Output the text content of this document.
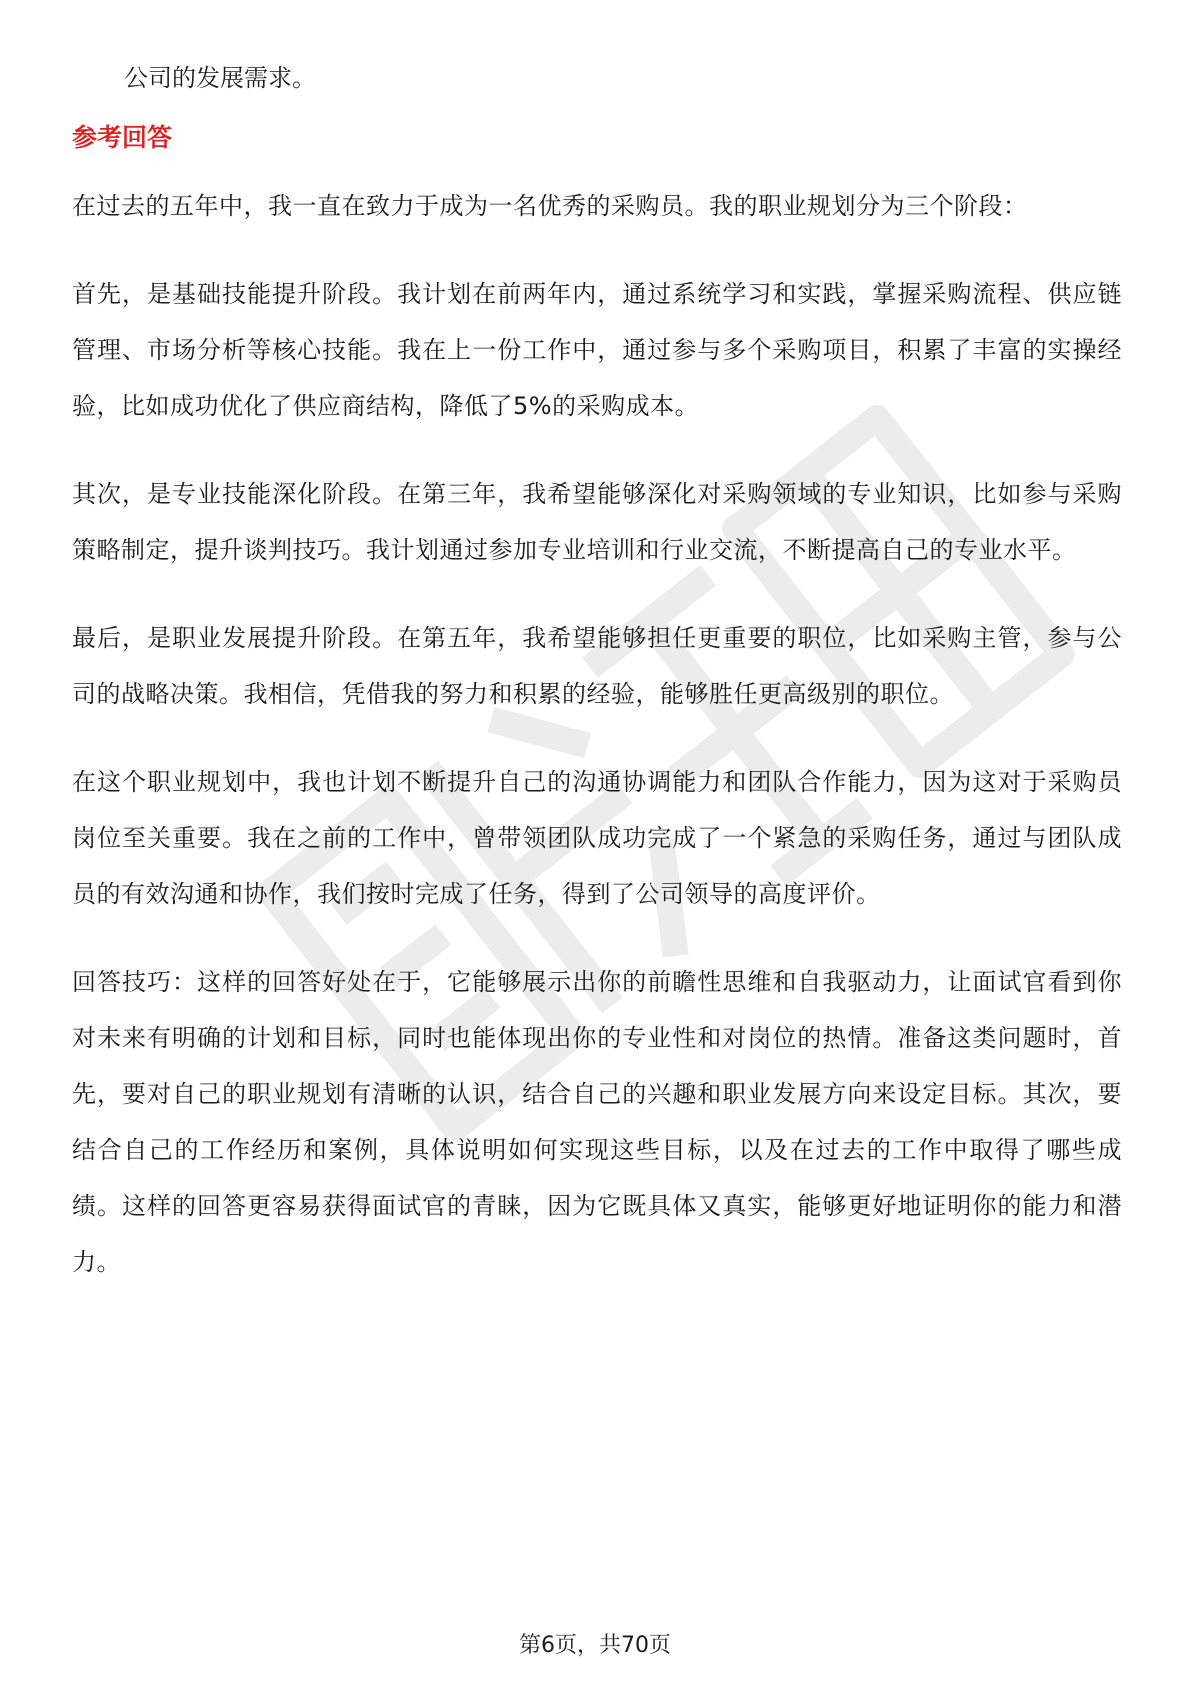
公司的发展需求。

参考回答

在过去的五年中，我一直在致力于成为一名优秀的采购员。我的职业规划分为三个阶段：

首先，是基础技能提升阶段。我计划在前两年内，通过系统学习和实践，掌握采购流程、供应链管理、市场分析等核心技能。我在上一份工作中，通过参与多个采购项目，积累了丰富的实操经验，比如成功优化了供应商结构，降低了5%的采购成本。

其次，是专业技能深化阶段。在第三年，我希望能够深化对采购领域的专业知识，比如参与采购策略制定，提升谈判技巧。我计划通过参加专业培训和行业交流，不断提高自己的专业水平。

最后，是职业发展提升阶段。在第五年，我希望能够担任更重要的职位，比如采购主管，参与公司的战略决策。我相信，凭借我的努力和积累的经验，能够胜任更高级别的职位。

在这个职业规划中，我也计划不断提升自己的沟通协调能力和团队合作能力，因为这对于采购员岗位至关重要。我在之前的工作中，曾带领团队成功完成了一个紧急的采购任务，通过与团队成员的有效沟通和协作，我们按时完成了任务，得到了公司领导的高度评价。

回答技巧：这样的回答好处在于，它能够展示出你的前瞻性思维和自我驱动力，让面试官看到你对未来有明确的计划和目标，同时也能体现出你的专业性和对岗位的热情。准备这类问题时，首先，要对自己的职业规划有清晰的认识，结合自己的兴趣和职业发展方向来设定目标。其次，要结合自己的工作经历和案例，具体说明如何实现这些目标，以及在过去的工作中取得了哪些成绩。这样的回答更容易获得面试官的青睐，因为它既具体又真实，能够更好地证明你的能力和潜力。

第6页，共70页
